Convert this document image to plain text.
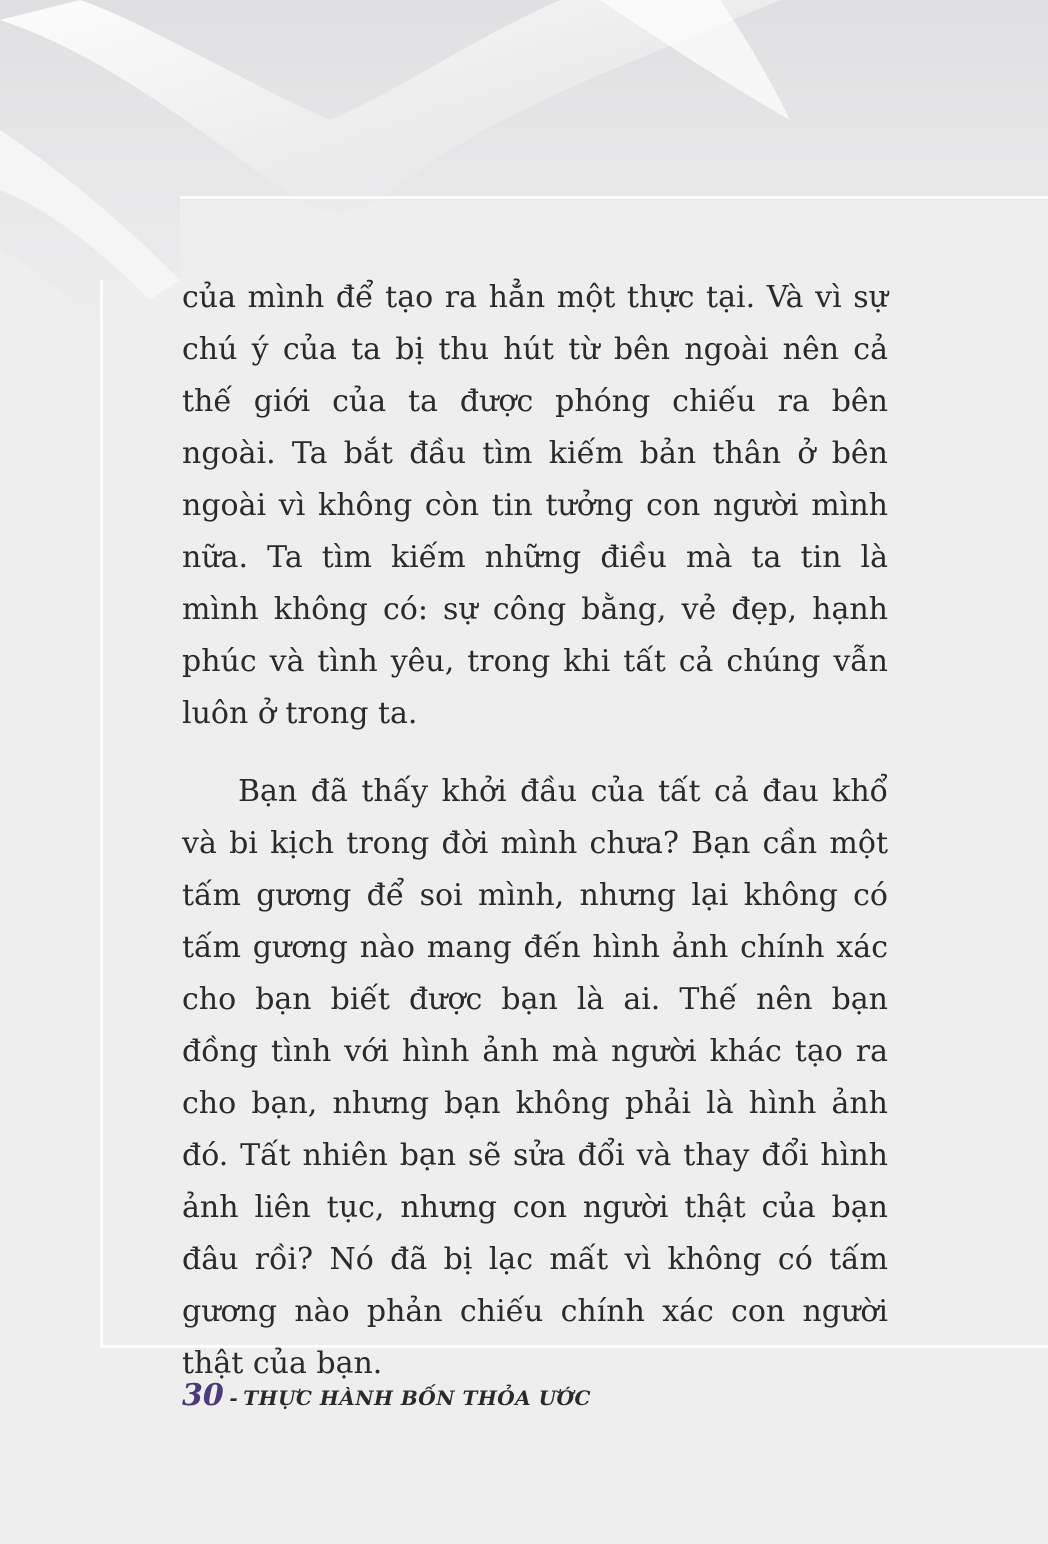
của mình để tạo ra hẳn một thực tại. Và vì sự chú ý của ta bị thu hút từ bên ngoài nên cả thế giới của ta được phóng chiếu ra bên ngoài. Ta bắt đầu tìm kiếm bản thân ở bên ngoài vì không còn tin tưởng con người mình nữa. Ta tìm kiếm những điều mà ta tin là mình không có: sự công bằng, vẻ đẹp, hạnh phúc và tình yêu, trong khi tất cả chúng vẫn luôn ở trong ta.

Bạn đã thấy khởi đầu của tất cả đau khổ và bi kịch trong đời mình chưa? Bạn cần một tấm gương để soi mình, nhưng lại không có tấm gương nào mang đến hình ảnh chính xác cho bạn biết được bạn là ai. Thế nên bạn đồng tình với hình ảnh mà người khác tạo ra cho bạn, nhưng bạn không phải là hình ảnh đó. Tất nhiên bạn sẽ sửa đổi và thay đổi hình ảnh liên tục, nhưng con người thật của bạn đâu rồi? Nó đã bị lạc mất vì không có tấm gương nào phản chiếu chính xác con người thật của bạn.

30 - THỰC HÀNH BỐN THỎA ƯỚC
